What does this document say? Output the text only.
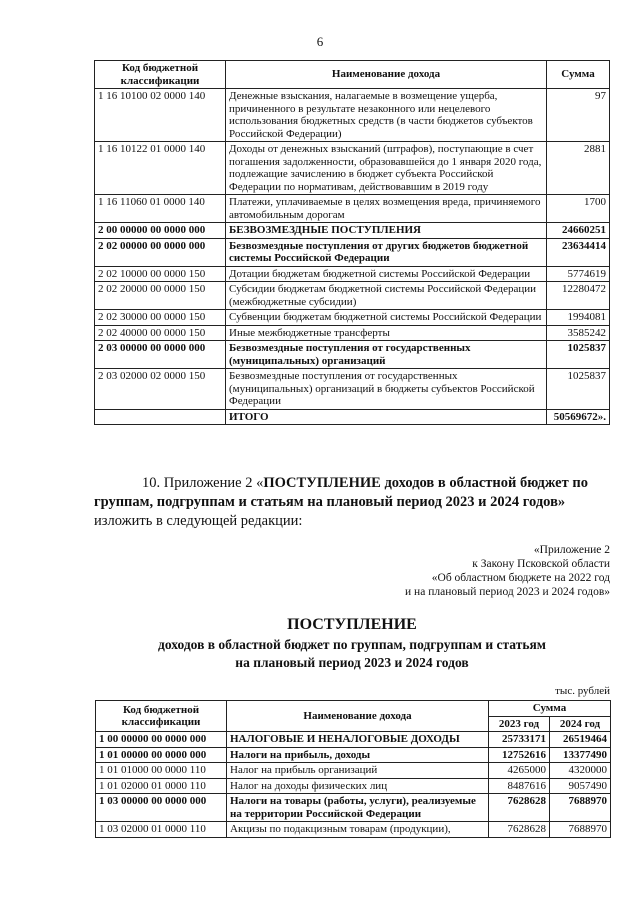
6
Код бюджетной классификации	Наименование дохода	Сумма
1 16 10100 02 0000 140	Денежные взыскания, налагаемые в возмещение ущерба, причиненного в результате незаконного или нецелевого использования бюджетных средств (в части бюджетов субъектов Российской Федерации)	97
1 16 10122 01 0000 140	Доходы от денежных взысканий (штрафов), поступающие в счет погашения задолженности, образовавшейся до 1 января 2020 года, подлежащие зачислению в бюджет субъекта Российской Федерации по нормативам, действовавшим в 2019 году	2881
1 16 11060 01 0000 140	Платежи, уплачиваемые в целях возмещения вреда, причиняемого автомобильным дорогам	1700
2 00 00000 00 0000 000	БЕЗВОЗМЕЗДНЫЕ ПОСТУПЛЕНИЯ	24660251
2 02 00000 00 0000 000	Безвозмездные поступления от других бюджетов бюджетной системы Российской Федерации	23634414
2 02 10000 00 0000 150	Дотации бюджетам бюджетной системы Российской Федерации	5774619
2 02 20000 00 0000 150	Субсидии бюджетам бюджетной системы Российской Федерации (межбюджетные субсидии)	12280472
2 02 30000 00 0000 150	Субвенции бюджетам бюджетной системы Российской Федерации	1994081
2 02 40000 00 0000 150	Иные межбюджетные трансферты	3585242
2 03 00000 00 0000 000	Безвозмездные поступления от государственных (муниципальных) организаций	1025837
2 03 02000 02 0000 150	Безвозмездные поступления от государственных (муниципальных) организаций в бюджеты субъектов Российской Федерации	1025837
	ИТОГО	50569672».
10. Приложение 2 «ПОСТУПЛЕНИЕ доходов в областной бюджет по группам, подгруппам и статьям на плановый период 2023 и 2024 годов» изложить в следующей редакции:
«Приложение 2
к Закону Псковской области
«Об областном бюджете на 2022 год
и на плановый период 2023 и 2024 годов»
ПОСТУПЛЕНИЕ
доходов в областной бюджет по группам, подгруппам и статьям
на плановый период 2023 и 2024 годов
тыс. рублей
Код бюджетной классификации	Наименование дохода	Сумма	
		2023 год	2024 год
1 00 00000 00 0000 000	НАЛОГОВЫЕ И НЕНАЛОГОВЫЕ ДОХОДЫ	25733171	26519464
1 01 00000 00 0000 000	Налоги на прибыль, доходы	12752616	13377490
1 01 01000 00 0000 110	Налог на прибыль организаций	4265000	4320000
1 01 02000 01 0000 110	Налог на доходы физических лиц	8487616	9057490
1 03 00000 00 0000 000	Налоги на товары (работы, услуги), реализуемые на территории Российской Федерации	7628628	7688970
1 03 02000 01 0000 110	Акцизы по подакцизным товарам (продукции),	7628628	7688970
